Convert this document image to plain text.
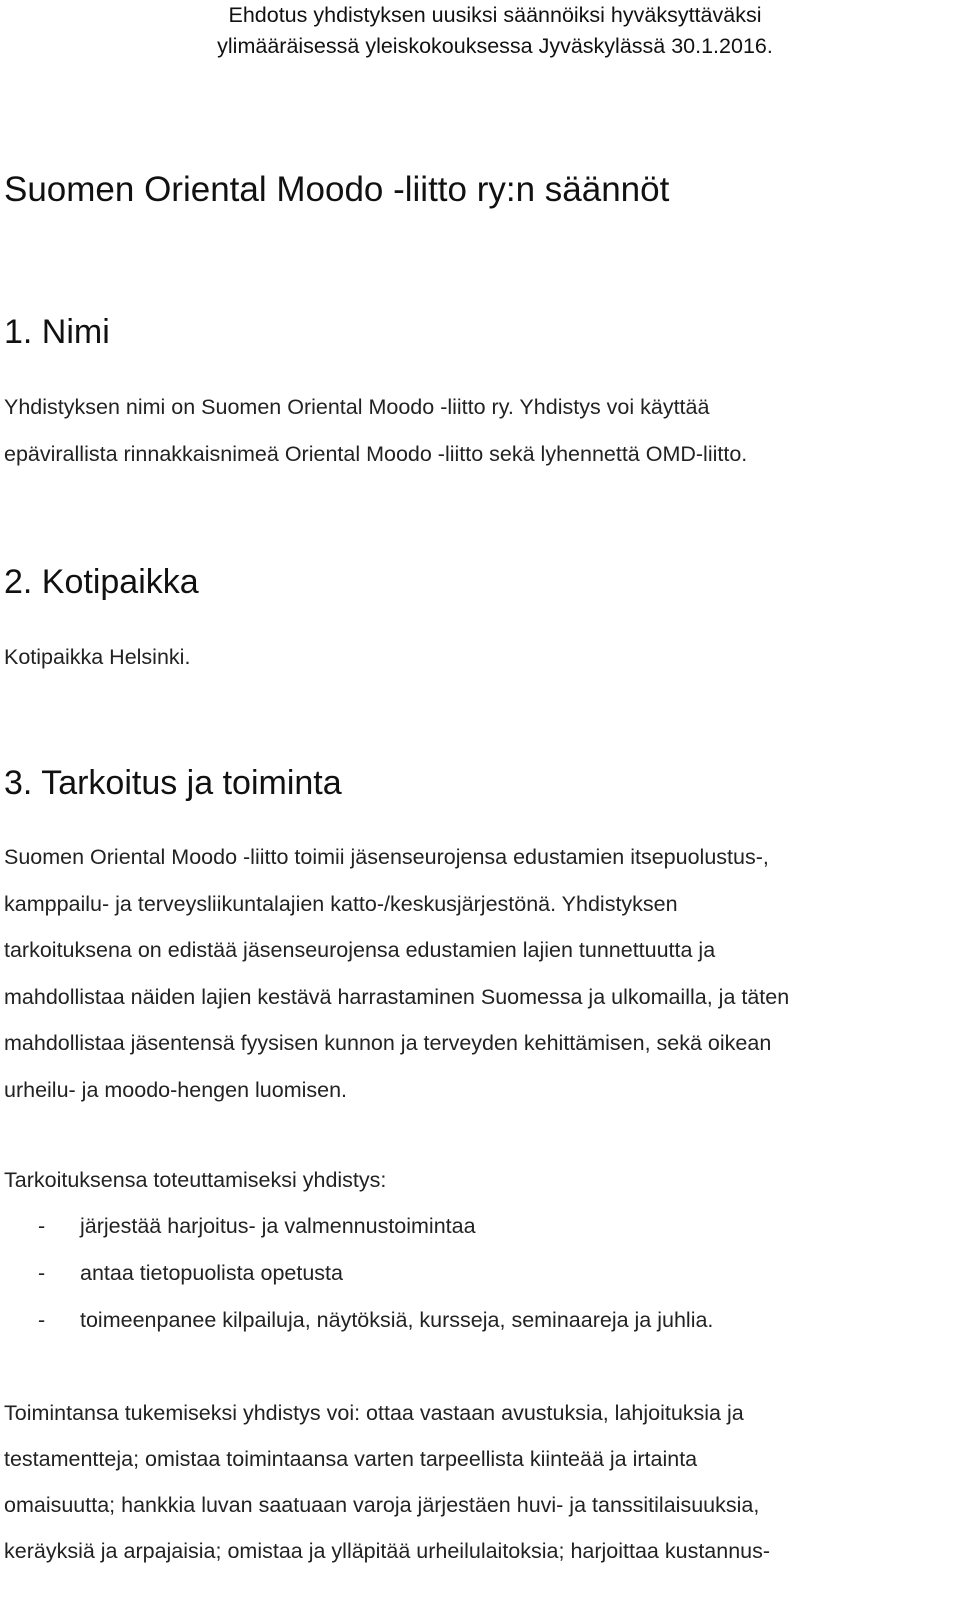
Ehdotus yhdistyksen uusiksi säännöiksi hyväksyttäväksi
ylimääräisessä yleiskokouksessa Jyväskylässä 30.1.2016.
Suomen Oriental Moodo -liitto ry:n säännöt
1. Nimi
Yhdistyksen nimi on Suomen Oriental Moodo -liitto ry. Yhdistys voi käyttää
epävirallista rinnakkaisnimeä Oriental Moodo -liitto sekä lyhennettä OMD-liitto.
2. Kotipaikka
Kotipaikka Helsinki.
3. Tarkoitus ja toiminta
Suomen Oriental Moodo -liitto toimii jäsenseurojensa edustamien itsepuolustus-,
kamppailu- ja terveysliikuntalajien katto-/keskusjärjestönä. Yhdistyksen
tarkoituksena on edistää jäsenseurojensa edustamien lajien tunnettuutta ja
mahdollistaa näiden lajien kestävä harrastaminen Suomessa ja ulkomailla, ja täten
mahdollistaa jäsentensä fyysisen kunnon ja terveyden kehittämisen, sekä oikean
urheilu- ja moodo-hengen luomisen.
Tarkoituksensa toteuttamiseksi yhdistys:
- järjestää harjoitus- ja valmennustoimintaa
- antaa tietopuolista opetusta
- toimeenpanee kilpailuja, näytöksiä, kursseja, seminaareja ja juhlia.
Toimintansa tukemiseksi yhdistys voi: ottaa vastaan avustuksia, lahjoituksia ja
testamentteja; omistaa toimintaansa varten tarpeellista kiinteää ja irtainta
omaisuutta; hankkia luvan saatuaan varoja järjestäen huvi- ja tanssitilaisuuksia,
keräyksiä ja arpajaisia; omistaa ja ylläpitää urheilulaitoksia; harjoittaa kustannus-
